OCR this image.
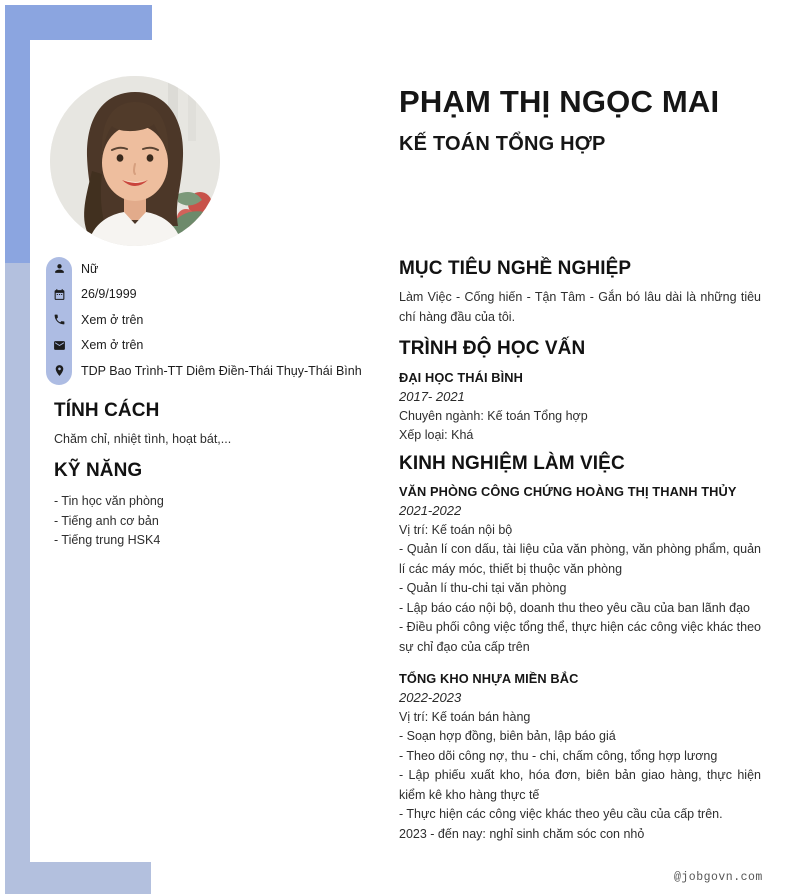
PHẠM THỊ NGỌC MAI
KẾ TOÁN TỔNG HỢP
Nữ
26/9/1999
Xem ở trên
Xem ở trên
TDP Bao Trình-TT Diêm Điền-Thái Thụy-Thái Bình
TÍNH CÁCH

Chăm chỉ, nhiệt tình, hoạt bát,...

KỸ NĂNG
- Tin học văn phòng
- Tiếng anh cơ bản
- Tiếng trung HSK4
MỤC TIÊU NGHỀ NGHIỆP

Làm Việc - Cống hiến - Tận Tâm - Gắn bó lâu dài là những tiêu chí hàng đầu của tôi.

TRÌNH ĐỘ HỌC VẤN
ĐẠI HỌC THÁI BÌNH
2017- 2021
Chuyên ngành: Kế toán Tổng hợp
Xếp loại: Khá
KINH NGHIỆM LÀM VIỆC
VĂN PHÒNG CÔNG CHỨNG HOÀNG THỊ THANH THỦY
2021-2022

Vị trí: Kế toán nội bộ

- Quản lí con dấu, tài liệu của văn phòng, văn phòng phẩm, quản lí các máy móc, thiết bị thuộc văn phòng

- Quản lí thu-chi tại văn phòng

- Lập báo cáo nội bộ, doanh thu theo yêu cầu của ban lãnh đạo

- Điều phối công việc tổng thể, thực hiện các công việc khác theo sự chỉ đạo của cấp trên

TỔNG KHO NHỰA MIỀN BẮC
2022-2023

Vị trí: Kế toán bán hàng

- Soạn hợp đồng, biên bản, lập báo giá

- Theo dõi công nợ, thu - chi, chấm công, tổng hợp lương

- Lập phiếu xuất kho, hóa đơn, biên bản giao hàng, thực hiện kiểm kê kho hàng thực tế

- Thực hiện các công việc khác theo yêu cầu của cấp trên.

2023 - đến nay: nghỉ sinh chăm sóc con nhỏ

@jobgovn.com
